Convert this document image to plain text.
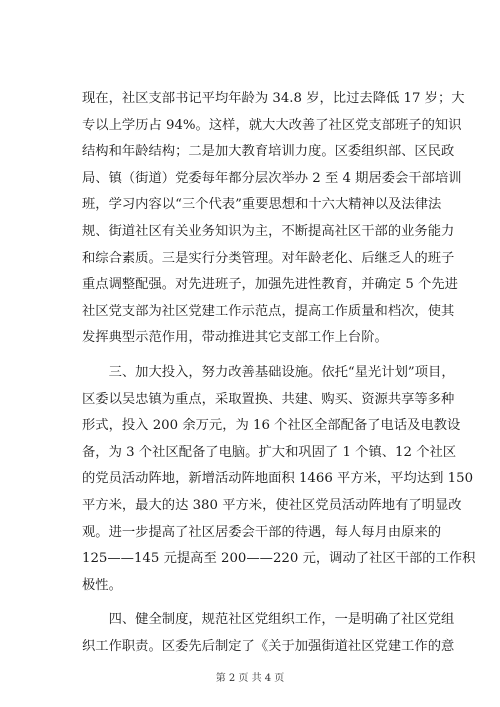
现在，社区支部书记平均年龄为 34.8 岁，比过去降低 17 岁；大
专以上学历占 94%。这样，就大大改善了社区党支部班子的知识
结构和年龄结构；二是加大教育培训力度。区委组织部、区民政
局、镇（街道）党委每年都分层次举办 2 至 4 期居委会干部培训
班，学习内容以“三个代表”重要思想和十六大精神以及法律法
规、街道社区有关业务知识为主，不断提高社区干部的业务能力
和综合素质。三是实行分类管理。对年龄老化、后继乏人的班子
重点调整配强。对先进班子，加强先进性教育，并确定 5 个先进
社区党支部为社区党建工作示范点，提高工作质量和档次，使其
发挥典型示范作用，带动推进其它支部工作上台阶。
　　三、加大投入，努力改善基础设施。依托“星光计划”项目，
区委以吴忠镇为重点，采取置换、共建、购买、资源共享等多种
形式，投入 200 余万元，为 16 个社区全部配备了电话及电教设
备，为 3 个社区配备了电脑。扩大和巩固了 1 个镇、12 个社区
的党员活动阵地，新增活动阵地面积 1466 平方米，平均达到 150
平方米，最大的达 380 平方米，使社区党员活动阵地有了明显改
观。进一步提高了社区居委会干部的待遇，每人每月由原来的
125——145 元提高至 200——220 元，调动了社区干部的工作积
极性。
　　四、健全制度，规范社区党组织工作，一是明确了社区党组
织工作职责。区委先后制定了《关于加强街道社区党建工作的意
第 2 页 共 4 页
